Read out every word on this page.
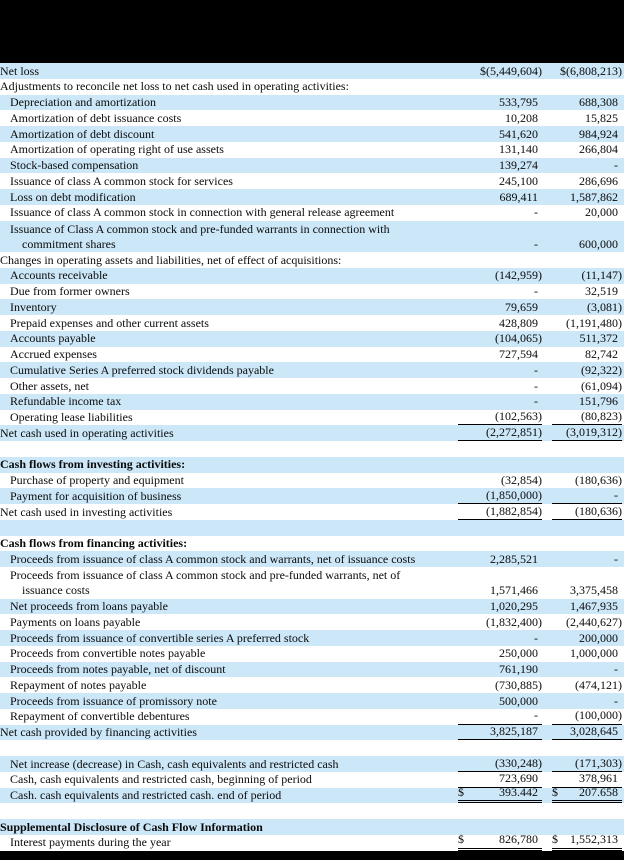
Net loss	$(5,449,604) $(6,808,213)
Adjustments to reconcile net loss to net cash used in operating activities:
Depreciation and amortization	533,795	688,308
Amortization of debt issuance costs	10,208	15,825
Amortization of debt discount	541,620	984,924
Amortization of operating right of use assets	131,140	266,804
Stock-based compensation	139,274	-
Issuance of class A common stock for services	245,100	286,696
Loss on debt modification	689,411	1,587,862
Issuance of class A common stock in connection with general release agreement	-	20,000
Issuance of Class A common stock and pre-funded warrants in connection with
commitment shares	-	600,000
Changes in operating assets and liabilities, net of effect of acquisitions:
Accounts receivable	(142,959)	(11,147)
Due from former owners	-	32,519
Inventory	79,659	(3,081)
Prepaid expenses and other current assets	428,809 (1,191,480)
Accounts payable	(104,065)	511,372
Accrued expenses	727,594	82,742
Cumulative Series A preferred stock dividends payable	-	(92,322)
Other assets, net	-	(61,094)
Refundable income tax	-	151,796
Operating lease liabilities	(102,563)	(80,823)
Net cash used in operating activities	(2,272,851) (3,019,312)
Cash flows from investing activities:
Purchase of property and equipment	(32,854)	(180,636)
Payment for acquisition of business	(1,850,000)	-
Net cash used in investing activities	(1,882,854)	(180,636)
Cash flows from financing activities:
Proceeds from issuance of class A common stock and warrants, net of issuance costs	2,285,521	-
Proceeds from issuance of class A common stock and pre-funded warrants, net of
issuance costs	1,571,466	3,375,458
Net proceeds from loans payable	1,020,295	1,467,935
Payments on loans payable	(1,832,400) (2,440,627)
Proceeds from issuance of convertible series A preferred stock	-	200,000
Proceeds from convertible notes payable	250,000	1,000,000
Proceeds from notes payable, net of discount	761,190	-
Repayment of notes payable	(730,885)	(474,121)
Proceeds from issuance of promissory note	500,000	-
Repayment of convertible debentures	-	(100,000)
Net cash provided by financing activities	3,825,187	3,028,645
Net increase (decrease) in Cash, cash equivalents and restricted cash	(330,248)	(171,303)
Cash, cash equivalents and restricted cash, beginning of period	723,690	378,961
Cash. cash equivalents and restricted cash. end of period	$	393.442 $ 207.658
Supplemental Disclosure of Cash Flow Information
Interest payments during the year	$	826,780 $ 1,552,313
